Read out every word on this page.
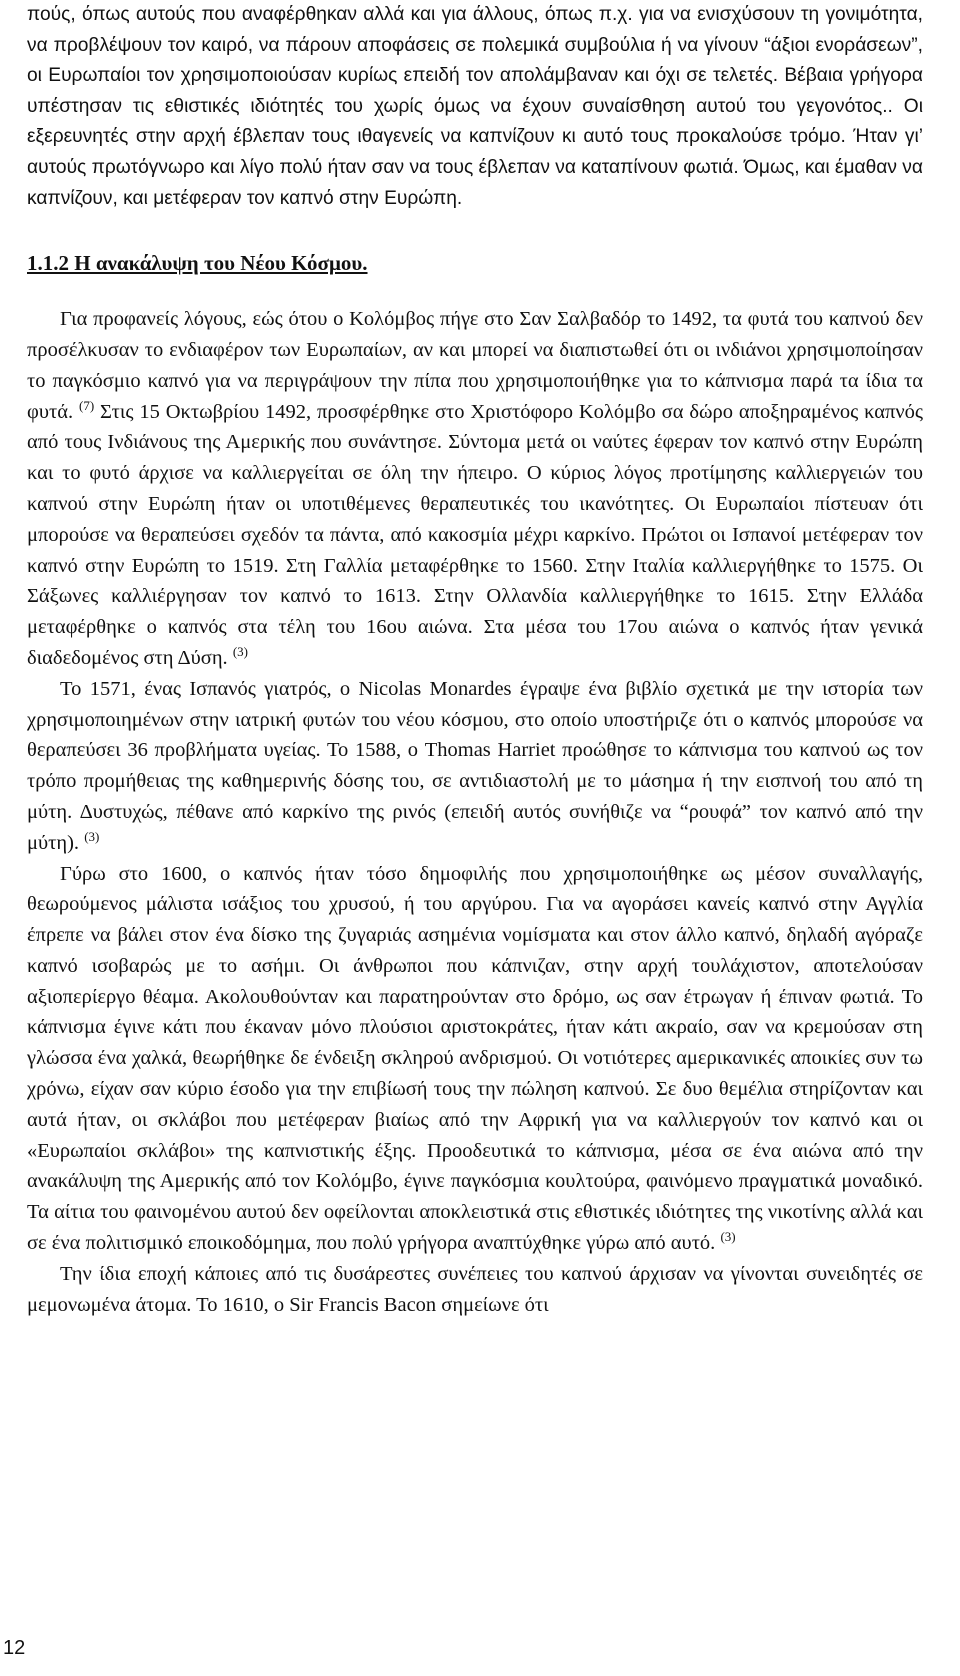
πούς, όπως αυτούς που αναφέρθηκαν αλλά και για άλλους, όπως π.χ. για να ενισχύσουν τη γονιμότητα, να προβλέψουν τον καιρό, να πάρουν αποφάσεις σε πολεμικά συμβούλια ή να γίνουν “άξιοι ενοράσεων”, οι Ευρωπαίοι τον χρησιμοποιούσαν κυρίως επειδή τον απολάμβαναν και όχι σε τελετές. Βέβαια γρήγορα υπέστησαν τις εθιστικές ιδιότητές του χωρίς όμως να έχουν συναίσθηση αυτού του γεγονότος.. Οι εξερευνητές στην αρχή έβλεπαν τους ιθαγενείς να καπνίζουν κι αυτό τους προκαλούσε τρόμο. Ήταν γι’ αυτούς πρωτόγνωρο και λίγο πολύ ήταν σαν να τους έβλεπαν να καταπίνουν φωτιά. Όμως, και έμαθαν να καπνίζουν, και μετέφεραν τον καπνό στην Ευρώπη.

1.1.2 Η ανακάλυψη του Νέου Κόσμου.

Για προφανείς λόγους, εώς ότου ο Κολόμβος πήγε στο Σαν Σαλβαδόρ το 1492, τα φυτά του καπνού δεν προσέλκυσαν το ενδιαφέρον των Ευρωπαίων, αν και μπορεί να διαπιστωθεί ότι οι ινδιάνοι χρησιμοποίησαν το παγκόσμιο καπνό για να περιγράψουν την πίπα που χρησιμοποιήθηκε για το κάπνισμα παρά τα ίδια τα φυτά. $^{(7)}$ Στις 15 Οκτωβρίου 1492, προσφέρθηκε στο Χριστόφορο Κολόμβο σα δώρο αποξηραμένος καπνός από τους Ινδιάνους της Αμερικής που συνάντησε. Σύντομα μετά οι ναύτες έφεραν τον καπνό στην Ευρώπη και το φυτό άρχισε να καλλιεργείται σε όλη την ήπειρο. Ο κύριος λόγος προτίμησης καλλιεργειών του καπνού στην Ευρώπη ήταν οι υποτιθέμενες θεραπευτικές του ικανότητες. Οι Ευρωπαίοι πίστευαν ότι μπορούσε να θεραπεύσει σχεδόν τα πάντα, από κακοσμία μέχρι καρκίνο. Πρώτοι οι Ισπανοί μετέφεραν τον καπνό στην Ευρώπη το 1519. Στη Γαλλία μεταφέρθηκε το 1560. Στην Ιταλία καλλιεργήθηκε το 1575. Οι Σάξωνες καλλιέργησαν τον καπνό το 1613. Στην Ολλανδία καλλιεργήθηκε το 1615. Στην Ελλάδα μεταφέρθηκε ο καπνός στα τέλη του 16ου αιώνα. Στα μέσα του 17ου αιώνα ο καπνός ήταν γενικά διαδεδομένος στη Δύση. $^{(3)}$

Το 1571, ένας Ισπανός γιατρός, ο Nicolas Monardes έγραψε ένα βιβλίο σχετικά με την ιστορία των χρησιμοποιημένων στην ιατρική φυτών του νέου κόσμου, στο οποίο υποστήριζε ότι ο καπνός μπορούσε να θεραπεύσει 36 προβλήματα υγείας. Το 1588, ο Thomas Harriet προώθησε το κάπνισμα του καπνού ως τον τρόπο προμήθειας της καθημερινής δόσης του, σε αντιδιαστολή με το μάσημα ή την εισπνοή του από τη μύτη. Δυστυχώς, πέθανε από καρκίνο της ρινός (επειδή αυτός συνήθιζε να “ρουφά” τον καπνό από την μύτη). $^{(3)}$

Γύρω στο 1600, ο καπνός ήταν τόσο δημοφιλής που χρησιμοποιήθηκε ως μέσον συναλλαγής, θεωρούμενος μάλιστα ισάξιος του χρυσού, ή του αργύρου. Για να αγοράσει κανείς καπνό στην Αγγλία έπρεπε να βάλει στον ένα δίσκο της ζυγαριάς ασημένια νομίσματα και στον άλλο καπνό, δηλαδή αγόραζε καπνό ισοβαρώς με το ασήμι. Οι άνθρωποι που κάπνιζαν, στην αρχή τουλάχιστον, αποτελούσαν αξιοπερίεργο θέαμα. Ακολουθούνταν και παρατηρούνταν στο δρόμο, ως σαν έτρωγαν ή έπιναν φωτιά. Το κάπνισμα έγινε κάτι που έκαναν μόνο πλούσιοι αριστοκράτες, ήταν κάτι ακραίο, σαν να κρεμούσαν στη γλώσσα ένα χαλκά, θεωρήθηκε δε ένδειξη σκληρού ανδρισμού. Οι νοτιότερες αμερικανικές αποικίες συν τω χρόνω, είχαν σαν κύριο έσοδο για την επιβίωσή τους την πώληση καπνού. Σε δυο θεμέλια στηρίζονταν και αυτά ήταν, οι σκλάβοι που μετέφεραν βιαίως από την Αφρική για να καλλιεργούν τον καπνό και οι «Ευρωπαίοι σκλάβοι» της καπνιστικής έξης. Προοδευτικά το κάπνισμα, μέσα σε ένα αιώνα από την ανακάλυψη της Αμερικής από τον Κολόμβο, έγινε παγκόσμια κουλτούρα, φαινόμενο πραγματικά μοναδικό. Τα αίτια του φαινομένου αυτού δεν οφείλονται αποκλειστικά στις εθιστικές ιδιότητες της νικοτίνης αλλά και σε ένα πολιτισμικό εποικοδόμημα, που πολύ γρήγορα αναπτύχθηκε γύρω από αυτό. $^{(3)}$

Την ίδια εποχή κάποιες από τις δυσάρεστες συνέπειες του καπνού άρχισαν να γίνονται συνειδητές σε μεμονωμένα άτομα. Το 1610, ο Sir Francis Bacon σημείωνε ότι

12
